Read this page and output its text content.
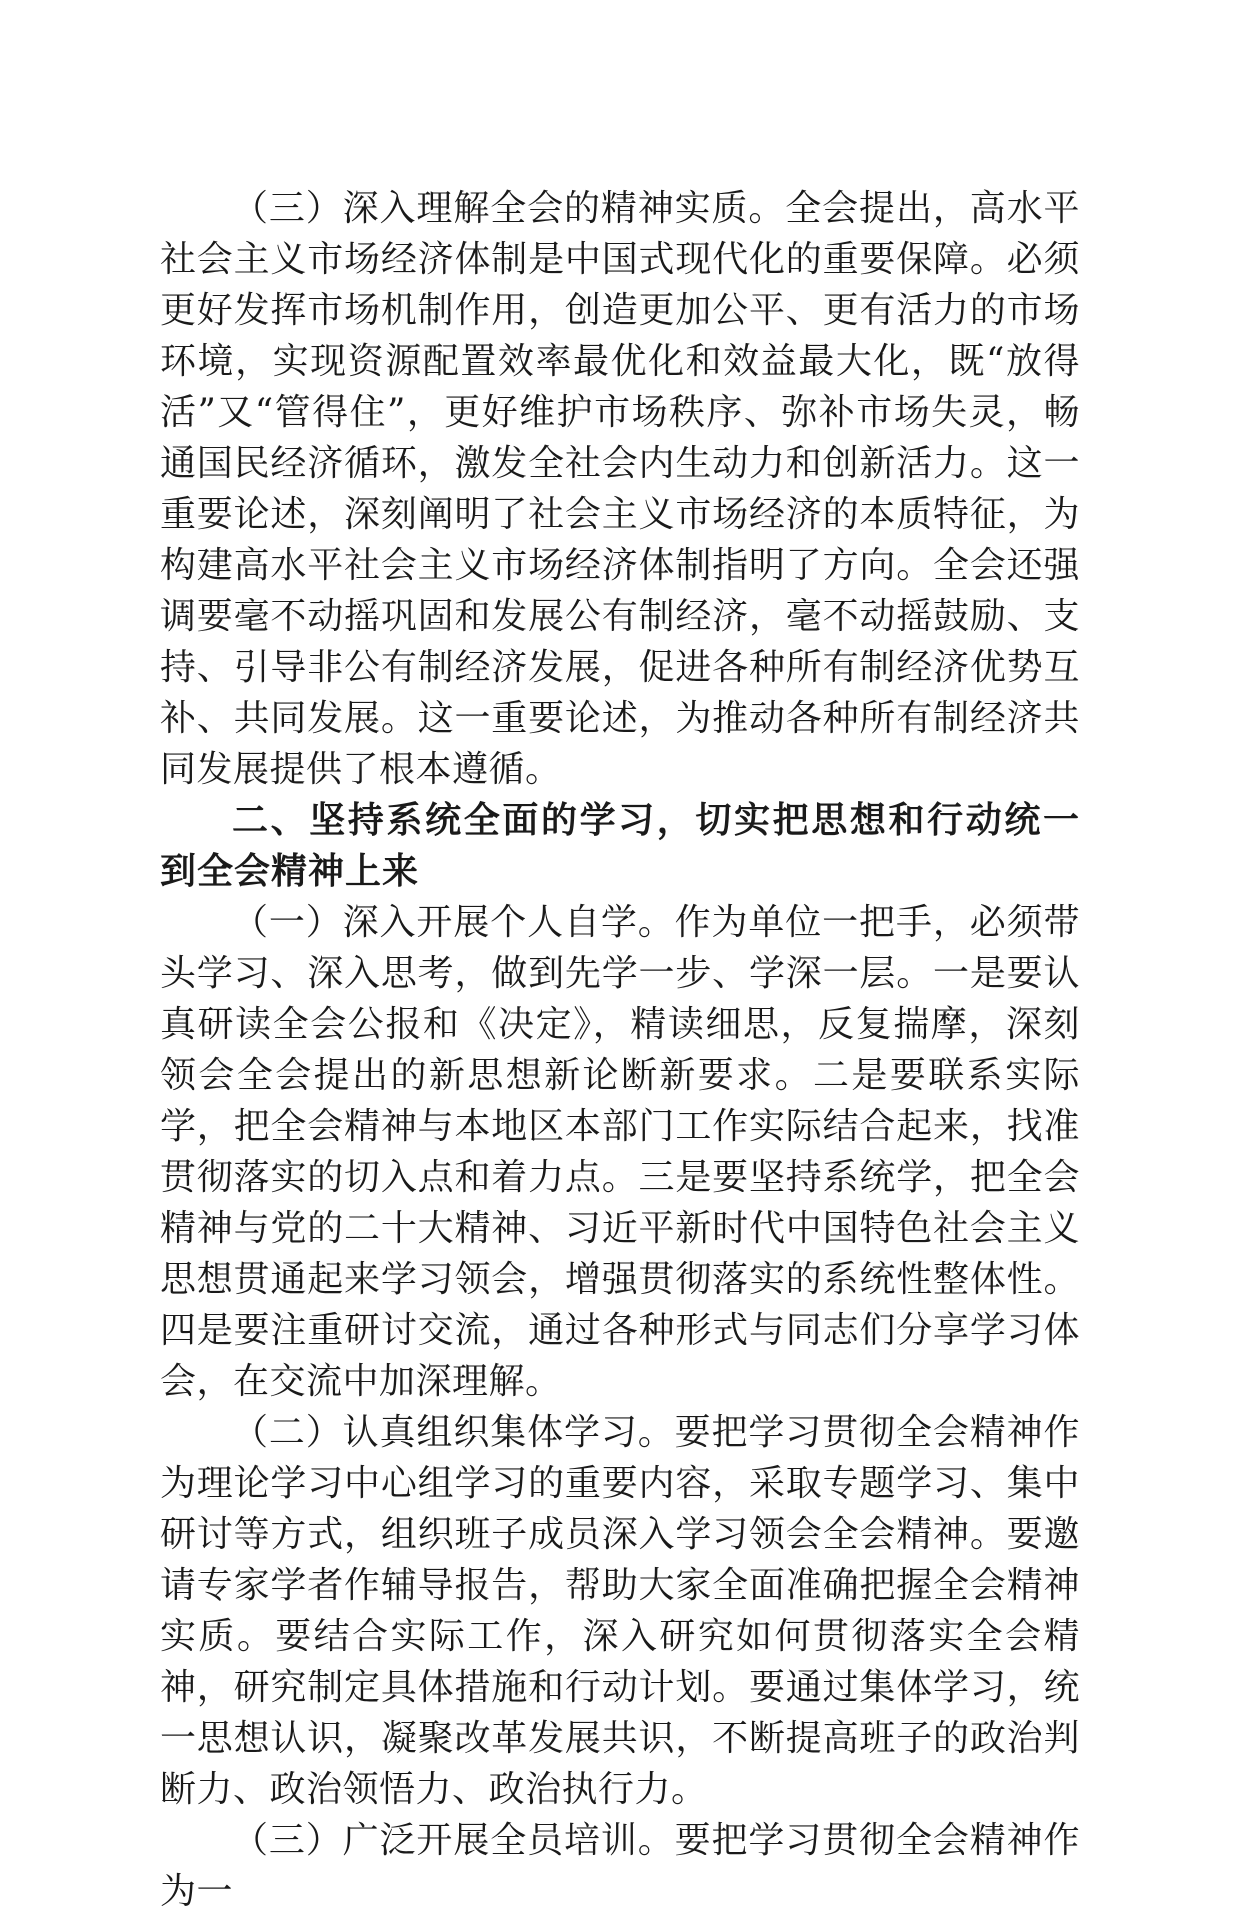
（三）深入理解全会的精神实质。全会提出，高水平社会主义市场经济体制是中国式现代化的重要保障。必须更好发挥市场机制作用，创造更加公平、更有活力的市场环境，实现资源配置效率最优化和效益最大化，既“放得活”又“管得住”，更好维护市场秩序、弥补市场失灵，畅通国民经济循环，激发全社会内生动力和创新活力。这一重要论述，深刻阐明了社会主义市场经济的本质特征，为构建高水平社会主义市场经济体制指明了方向。全会还强调要毫不动摇巩固和发展公有制经济，毫不动摇鼓励、支持、引导非公有制经济发展，促进各种所有制经济优势互补、共同发展。这一重要论述，为推动各种所有制经济共同发展提供了根本遵循。

二、坚持系统全面的学习，切实把思想和行动统一到全会精神上来

（一）深入开展个人自学。作为单位一把手，必须带头学习、深入思考，做到先学一步、学深一层。一是要认真研读全会公报和《决定》，精读细思，反复揣摩，深刻领会全会提出的新思想新论断新要求。二是要联系实际学，把全会精神与本地区本部门工作实际结合起来，找准贯彻落实的切入点和着力点。三是要坚持系统学，把全会精神与党的二十大精神、习近平新时代中国特色社会主义思想贯通起来学习领会，增强贯彻落实的系统性整体性。四是要注重研讨交流，通过各种形式与同志们分享学习体会，在交流中加深理解。

（二）认真组织集体学习。要把学习贯彻全会精神作为理论学习中心组学习的重要内容，采取专题学习、集中研讨等方式，组织班子成员深入学习领会全会精神。要邀请专家学者作辅导报告，帮助大家全面准确把握全会精神实质。要结合实际工作，深入研究如何贯彻落实全会精神，研究制定具体措施和行动计划。要通过集体学习，统一思想认识，凝聚改革发展共识，不断提高班子的政治判断力、政治领悟力、政治执行力。

（三）广泛开展全员培训。要把学习贯彻全会精神作为一
